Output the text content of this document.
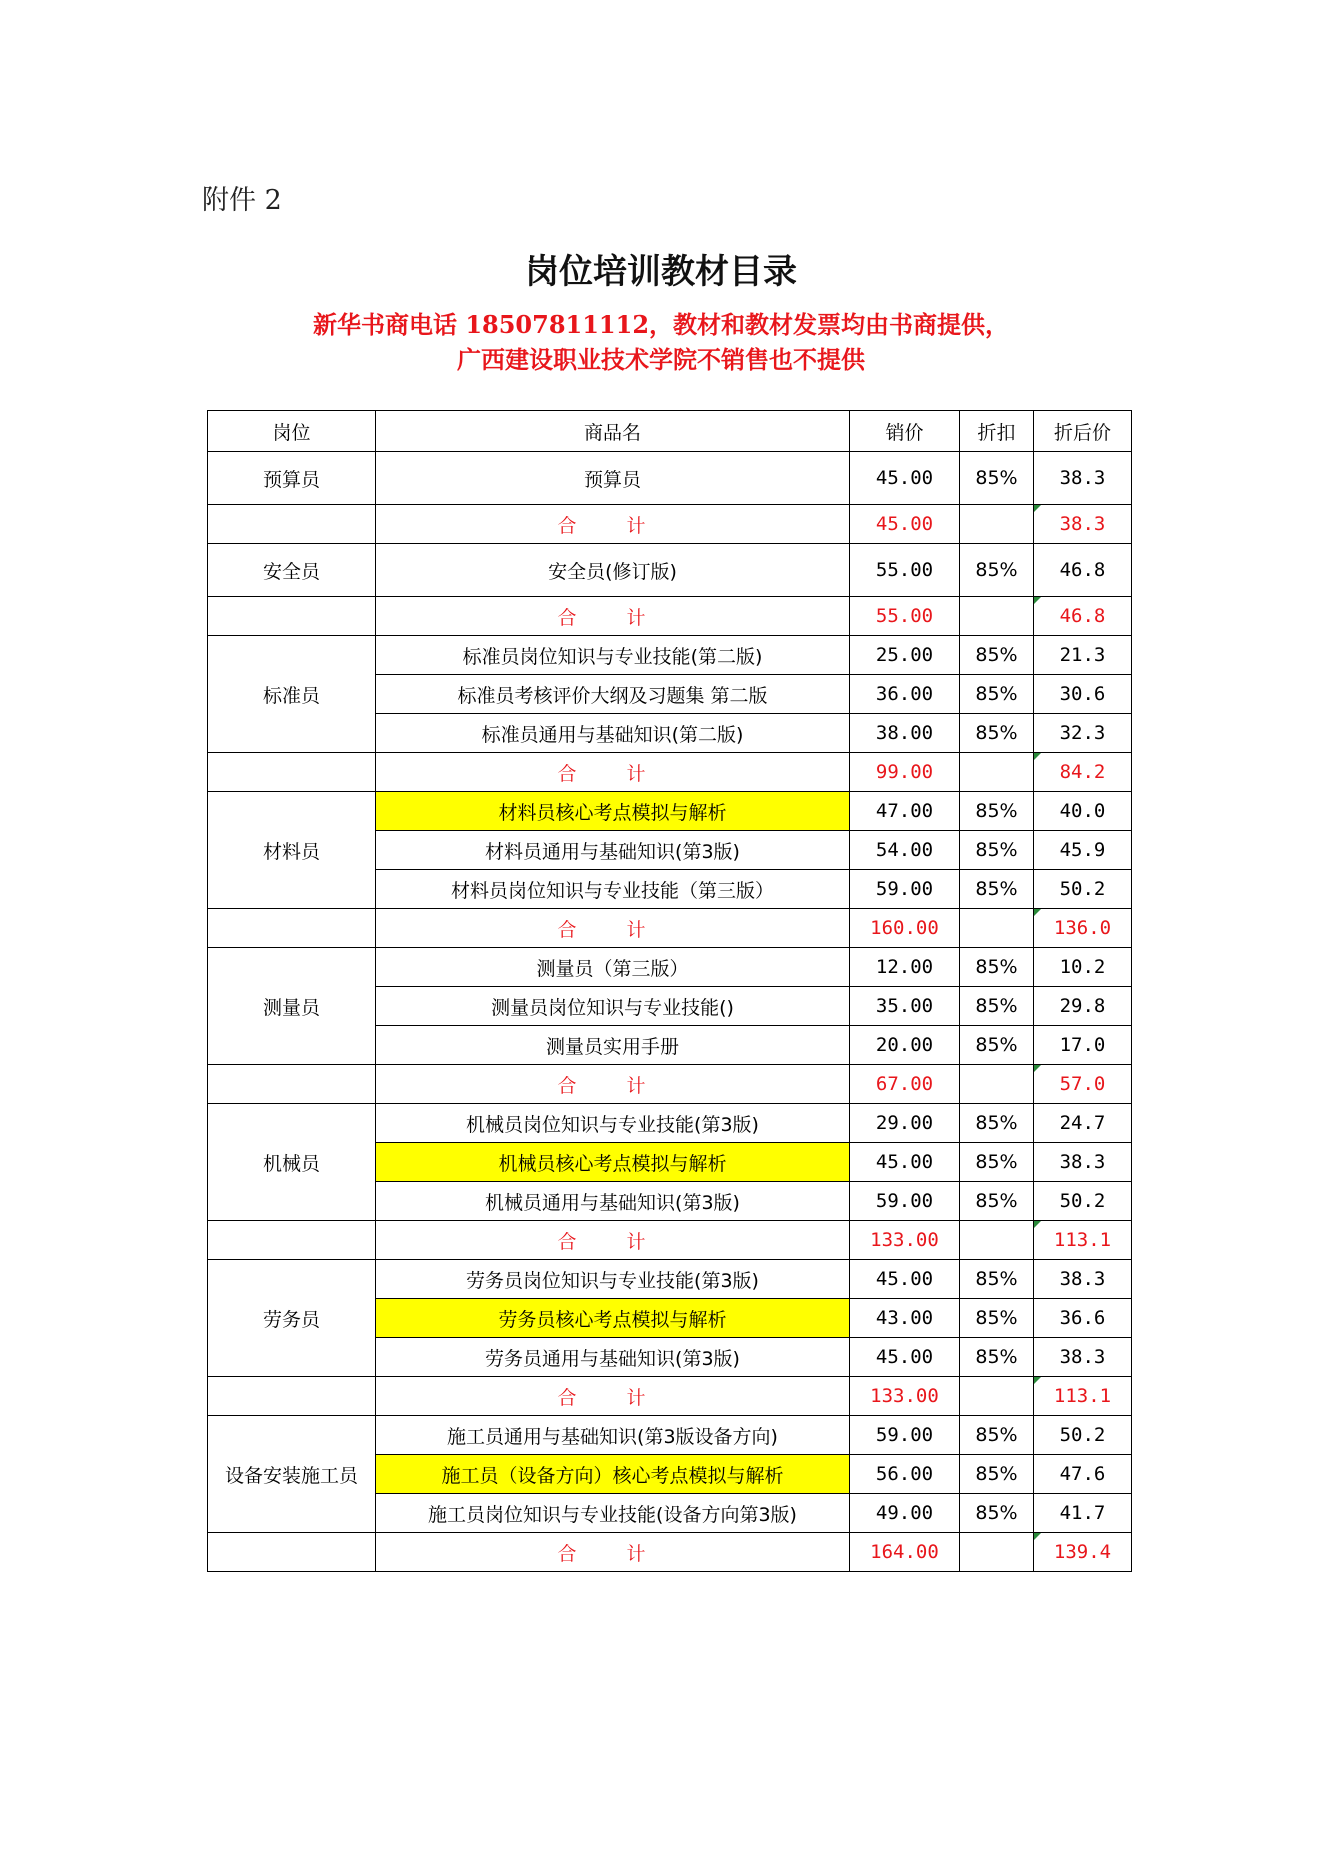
附件 2
岗位培训教材目录
新华书商电话 18507811112，教材和教材发票均由书商提供，
广西建设职业技术学院不销售也不提供
岗位	商品名	销价	折扣	折后价
预算员	预算员	45.00	85%	38.3
	合 计	45.00		38.3
安全员	安全员(修订版)	55.00	85%	46.8
	合 计	55.00		46.8
标准员	标准员岗位知识与专业技能(第二版)	25.00	85%	21.3
	标准员考核评价大纲及习题集 第二版	36.00	85%	30.6
	标准员通用与基础知识(第二版)	38.00	85%	32.3
	合 计	99.00		84.2
材料员	材料员核心考点模拟与解析	47.00	85%	40.0
	材料员通用与基础知识(第3版)	54.00	85%	45.9
	材料员岗位知识与专业技能（第三版）	59.00	85%	50.2
	合 计	160.00		136.0
测量员	测量员（第三版）	12.00	85%	10.2
	测量员岗位知识与专业技能()	35.00	85%	29.8
	测量员实用手册	20.00	85%	17.0
	合 计	67.00		57.0
机械员	机械员岗位知识与专业技能(第3版)	29.00	85%	24.7
	机械员核心考点模拟与解析	45.00	85%	38.3
	机械员通用与基础知识(第3版)	59.00	85%	50.2
	合 计	133.00		113.1
劳务员	劳务员岗位知识与专业技能(第3版)	45.00	85%	38.3
	劳务员核心考点模拟与解析	43.00	85%	36.6
	劳务员通用与基础知识(第3版)	45.00	85%	38.3
	合 计	133.00		113.1
设备安装施工员	施工员通用与基础知识(第3版设备方向)	59.00	85%	50.2
	施工员（设备方向）核心考点模拟与解析	56.00	85%	47.6
	施工员岗位知识与专业技能(设备方向第3版)	49.00	85%	41.7
	合 计	164.00		139.4
